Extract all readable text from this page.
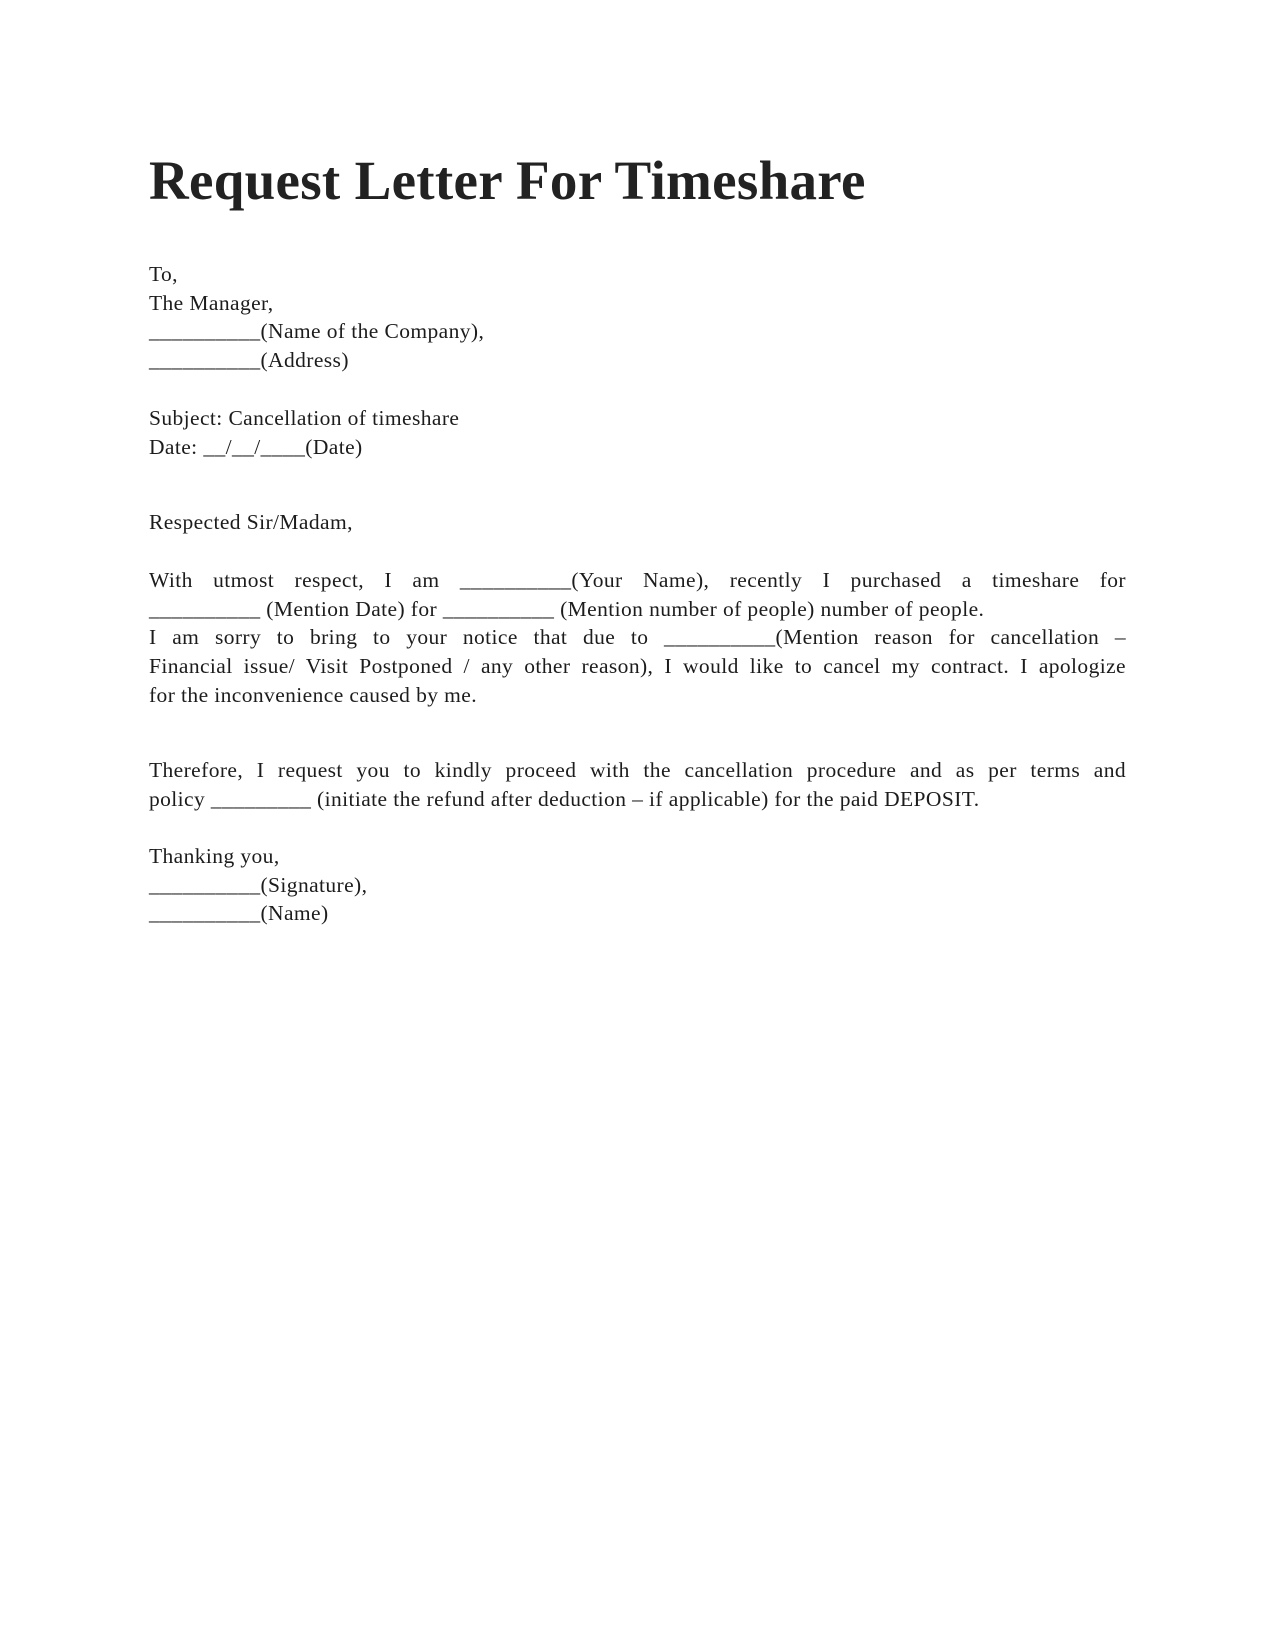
Request Letter For Timeshare
To,
The Manager,
__________(Name of the Company),
__________(Address)
Subject: Cancellation of timeshare
Date: __/__/____(Date)
Respected Sir/Madam,
With utmost respect, I am __________(Your Name), recently I purchased a timeshare for
__________ (Mention Date) for __________ (Mention number of people) number of people.
I am sorry to bring to your notice that due to __________(Mention reason for cancellation –
Financial issue/ Visit Postponed / any other reason), I would like to cancel my contract. I apologize
for the inconvenience caused by me.
Therefore, I request you to kindly proceed with the cancellation procedure and as per terms and
policy _________ (initiate the refund after deduction – if applicable) for the paid DEPOSIT.
Thanking you,
__________(Signature),
__________(Name)
